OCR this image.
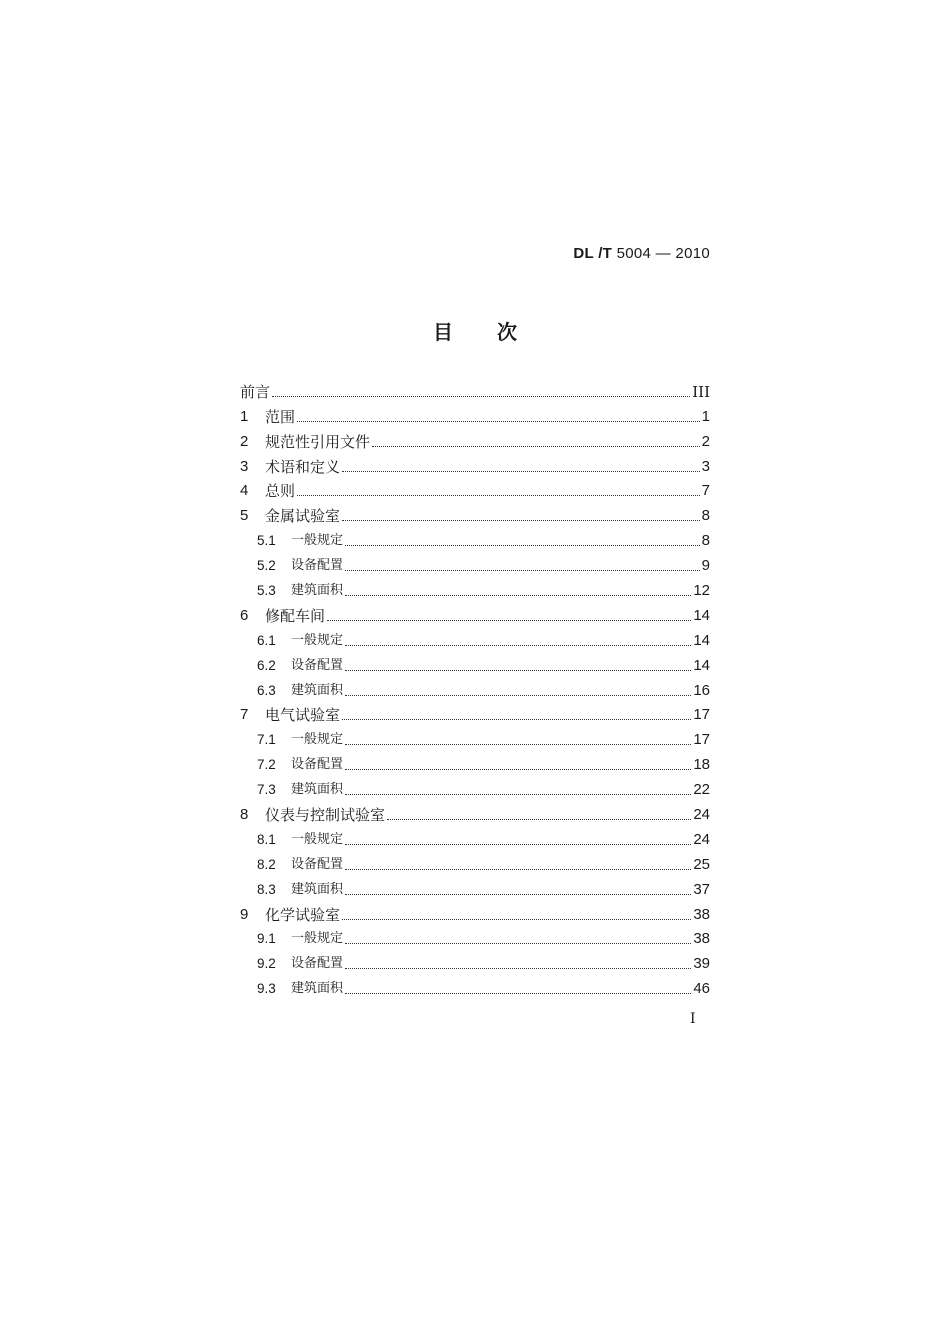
DL /T 5004 — 2010
目 次
前言	III
1	范围	1
2	规范性引用文件	2
3	术语和定义	3
4	总则	7
5	金属试验室	8
5.1	一般规定	8
5.2	设备配置	9
5.3	建筑面积	12
6	修配车间	14
6.1	一般规定	14
6.2	设备配置	14
6.3	建筑面积	16
7	电气试验室	17
7.1	一般规定	17
7.2	设备配置	18
7.3	建筑面积	22
8	仪表与控制试验室	24
8.1	一般规定	24
8.2	设备配置	25
8.3	建筑面积	37
9	化学试验室	38
9.1	一般规定	38
9.2	设备配置	39
9.3	建筑面积	46
I
